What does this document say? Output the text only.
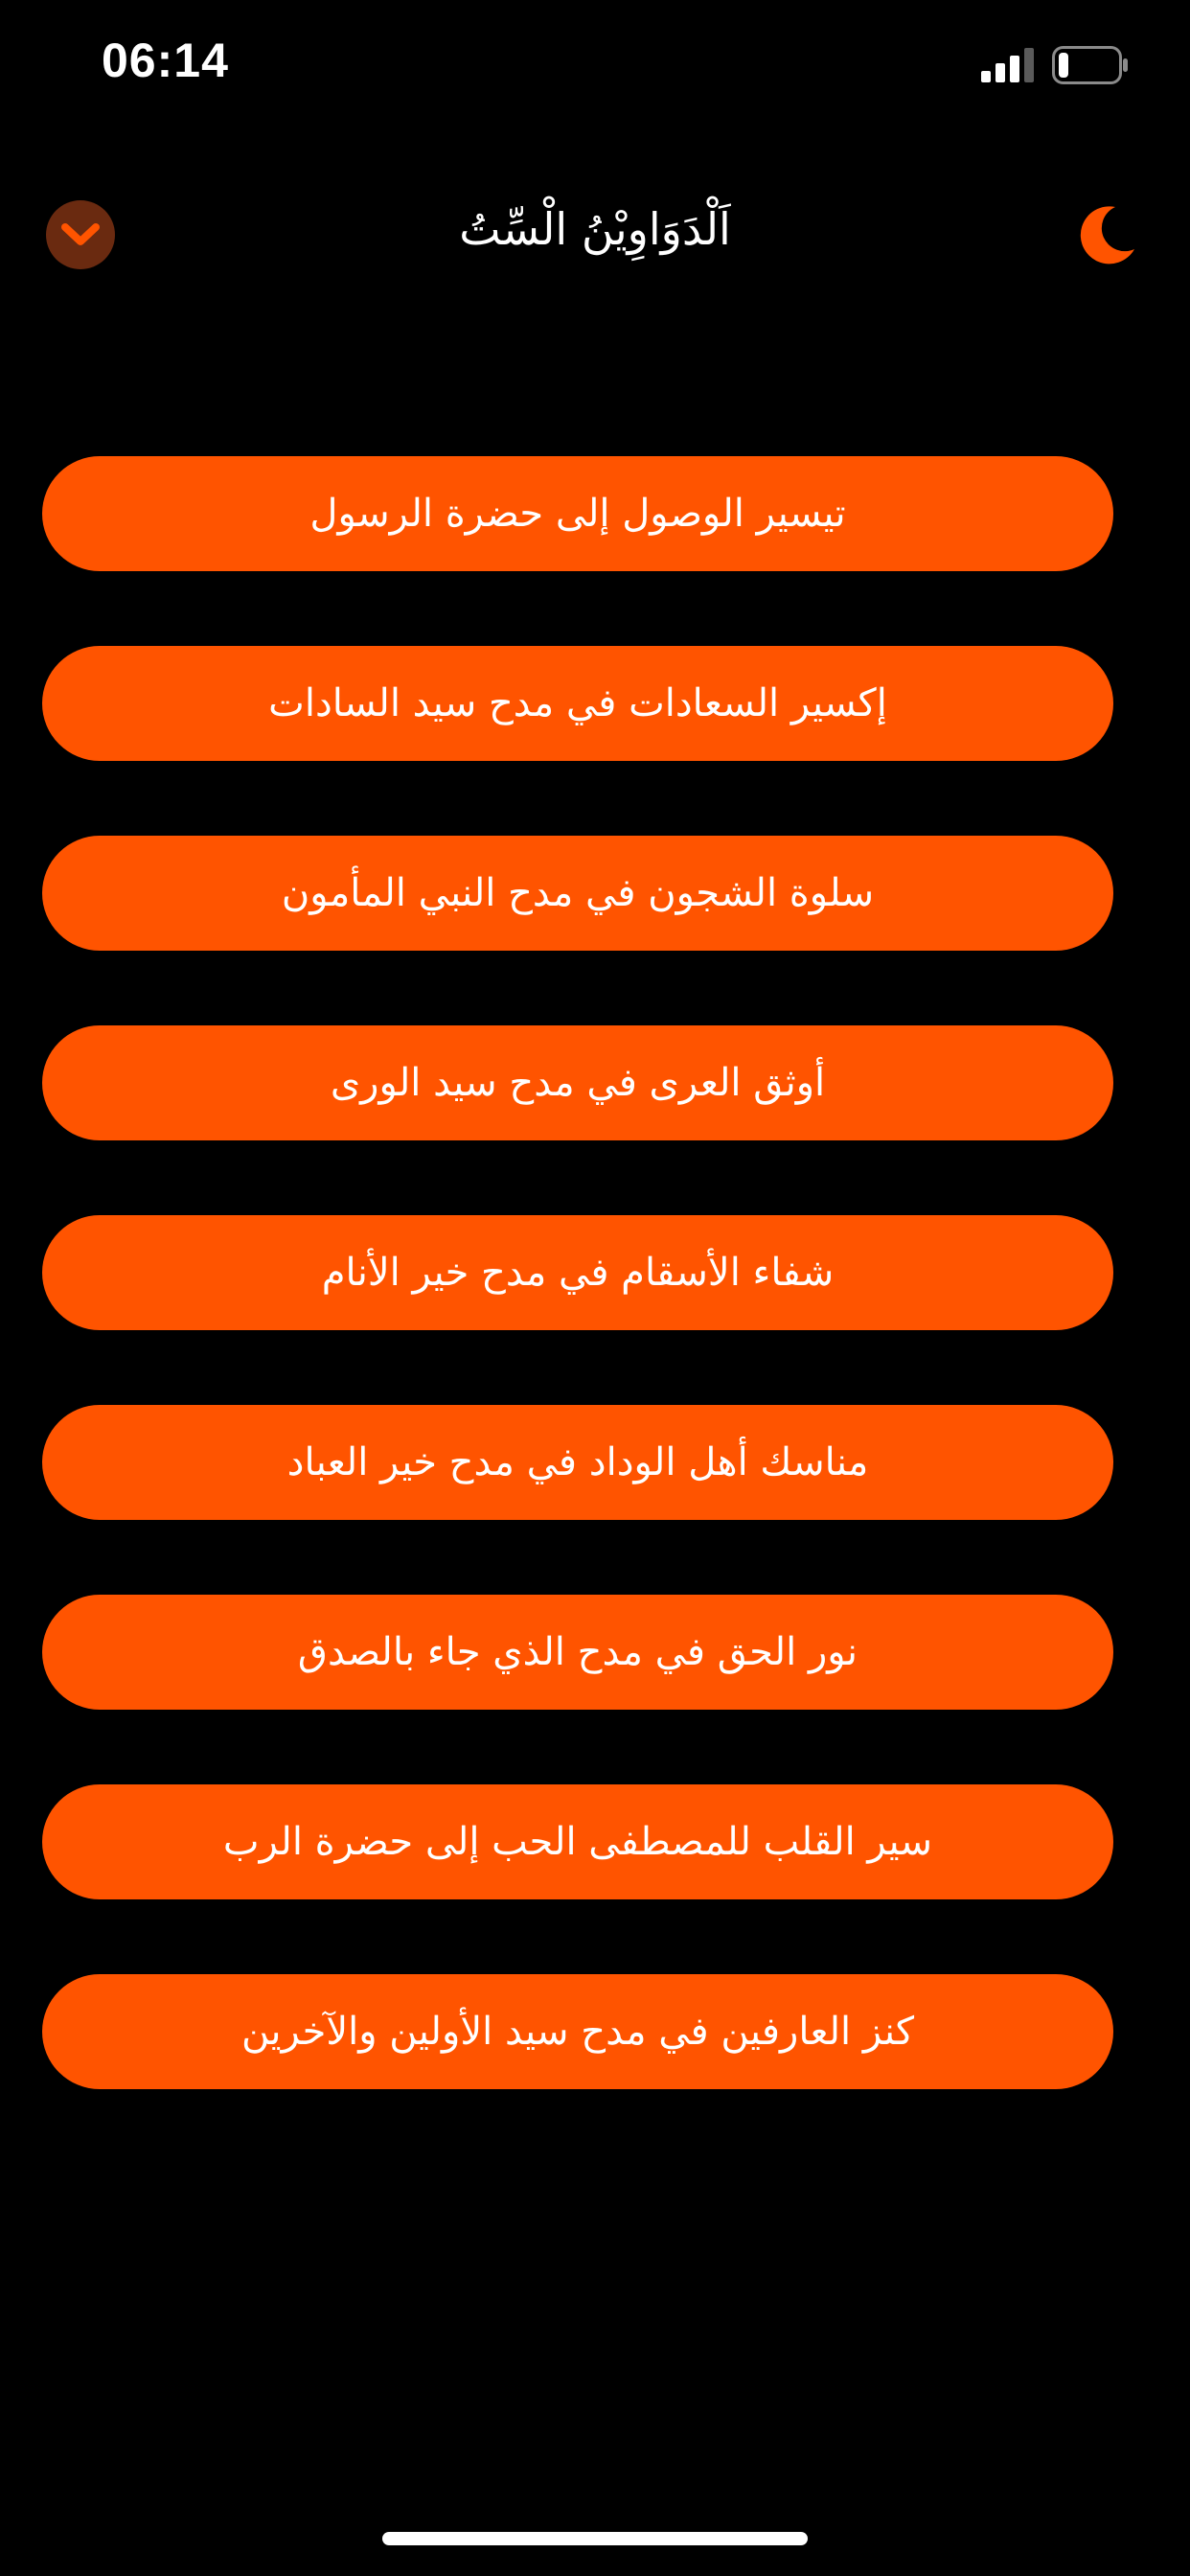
06:14
اَلْدَوَاوِيْنُ الْسِّتُ
تيسير الوصول إلى حضرة الرسول
إكسير السعادات في مدح سيد السادات
سلوة الشجون في مدح النبي المأمون
أوثق العرى في مدح سيد الورى
شفاء الأسقام في مدح خير الأنام
مناسك أهل الوداد في مدح خير العباد
نور الحق في مدح الذي جاء بالصدق
سير القلب للمصطفى الحب إلى حضرة الرب
كنز العارفين في مدح سيد الأولين والآخرين
